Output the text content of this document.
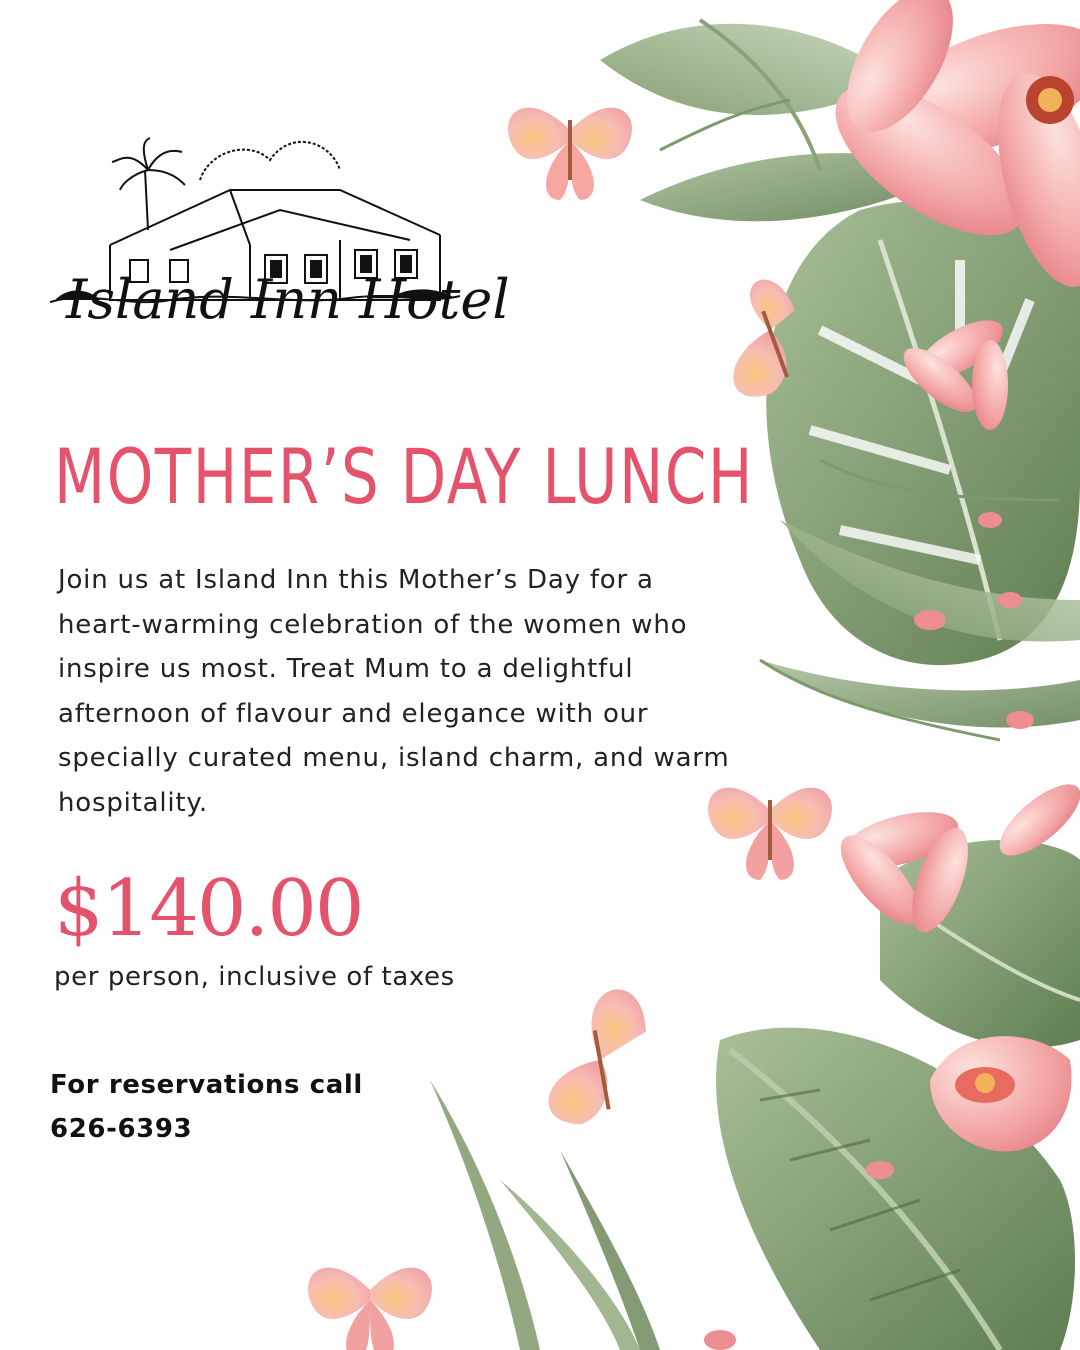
Island Inn Hotel

MOTHER’S DAY LUNCH

Join us at Island Inn this Mother’s Day for a heart-warming celebration of the women who inspire us most. Treat Mum to a delightful afternoon of flavour and elegance with our specially curated menu, island charm, and warm hospitality.

$140.00

per person, inclusive of taxes

For reservations call
626-6393
